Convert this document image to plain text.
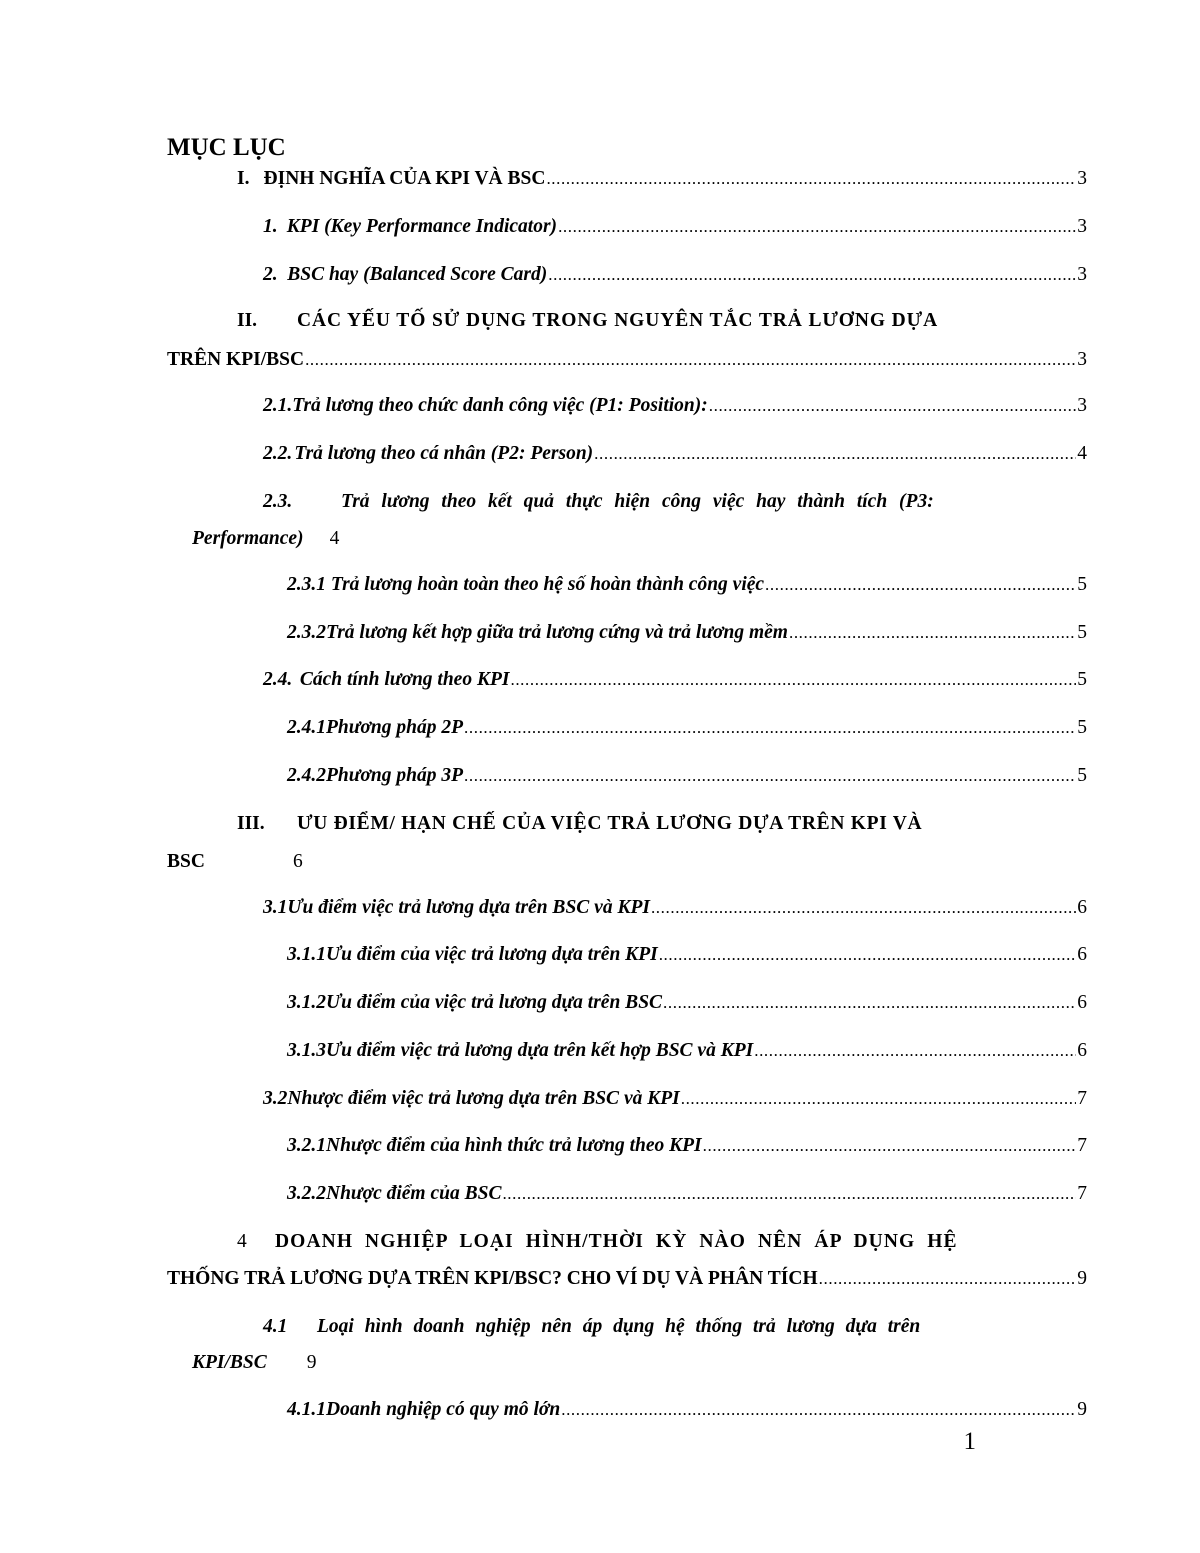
MỤC LỤC
I. ĐỊNH NGHĨA CỦA KPI VÀ BSC .....	3
1. KPI (Key Performance Indicator) .....	3
2. BSC hay (Balanced Score Card) .....	3
II.	CÁC YẾU TỐ SỬ DỤNG TRONG NGUYÊN TẮC TRẢ LƯƠNG DỰA
TRÊN KPI/BSC .....	3
2.1. Trả lương theo chức danh công việc (P1: Position): .....	3
2.2. Trả lương theo cá nhân (P2: Person) .....	4
2.3.	Trả lương theo kết quả thực hiện công việc hay thành tích (P3:
Performance) 4
2.3.1 Trả lương hoàn toàn theo hệ số hoàn thành công việc .....	5
2.3.2 Trả lương kết hợp giữa trả lương cứng và trả lương mềm .....	5
2.4. Cách tính lương theo KPI .....	5
2.4.1 Phương pháp 2P .....	5
2.4.2 Phương pháp 3P .....	5
III.	ƯU ĐIỂM/ HẠN CHẾ CỦA VIỆC TRẢ LƯƠNG DỰA TRÊN KPI VÀ
BSC	6
3.1 Ưu điểm việc trả lương dựa trên BSC và KPI .....	6
3.1.1 Ưu điểm của việc trả lương dựa trên KPI .....	6
3.1.2 Ưu điểm của việc trả lương dựa trên BSC .....	6
3.1.3 Ưu điểm việc trả lương dựa trên kết hợp BSC và KPI .....	6
3.2 Nhược điểm việc trả lương dựa trên BSC và KPI .....	7
3.2.1 Nhược điểm của hình thức trả lương theo KPI .....	7
3.2.2 Nhược điểm của BSC .....	7
4	DOANH NGHIỆP LOẠI HÌNH/THỜI KỲ NÀO NÊN ÁP DỤNG HỆ
THỐNG TRẢ LƯƠNG DỰA TRÊN KPI/BSC? CHO VÍ DỤ VÀ PHÂN TÍCH .....	9
4.1	Loại hình doanh nghiệp nên áp dụng hệ thống trả lương dựa trên
KPI/BSC 9
4.1.1 Doanh nghiệp có quy mô lớn .....	9
1
